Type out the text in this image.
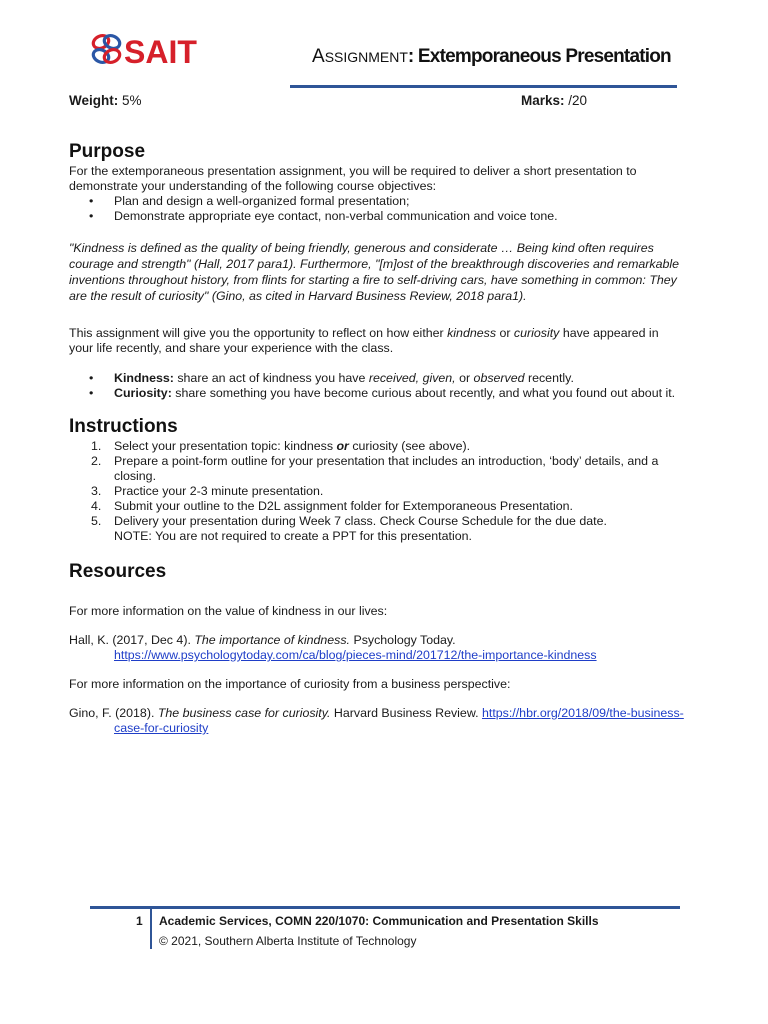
SAIT	ASSIGNMENT: Extemporaneous Presentation
Weight: 5%	Marks: /20
Purpose

For the extemporaneous presentation assignment, you will be required to deliver a short presentation to demonstrate your understanding of the following course objectives:

• Plan and design a well-organized formal presentation;
• Demonstrate appropriate eye contact, non-verbal communication and voice tone.

"Kindness is defined as the quality of being friendly, generous and considerate … Being kind often requires courage and strength" (Hall, 2017 para1). Furthermore, "[m]ost of the breakthrough discoveries and remarkable inventions throughout history, from flints for starting a fire to self-driving cars, have something in common: They are the result of curiosity" (Gino, as cited in Harvard Business Review, 2018 para1).

This assignment will give you the opportunity to reflect on how either kindness or curiosity have appeared in your life recently, and share your experience with the class.

• Kindness: share an act of kindness you have received, given, or observed recently.
• Curiosity: share something you have become curious about recently, and what you found out about it.
Instructions
1. Select your presentation topic: kindness or curiosity (see above).
2. Prepare a point-form outline for your presentation that includes an introduction, ‘body’ details, and a closing.
3. Practice your 2-3 minute presentation.
4. Submit your outline to the D2L assignment folder for Extemporaneous Presentation.
5. Delivery your presentation during Week 7 class. Check Course Schedule for the due date.
NOTE: You are not required to create a PPT for this presentation.
Resources

For more information on the value of kindness in our lives:

Hall, K. (2017, Dec 4). The importance of kindness. Psychology Today.
https://www.psychologytoday.com/ca/blog/pieces-mind/201712/the-importance-kindness

For more information on the importance of curiosity from a business perspective:

Gino, F. (2018). The business case for curiosity. Harvard Business Review. https://hbr.org/2018/09/the-business-case-for-curiosity

1 Academic Services, COMN 220/1070: Communication and Presentation Skills
© 2021, Southern Alberta Institute of Technology
